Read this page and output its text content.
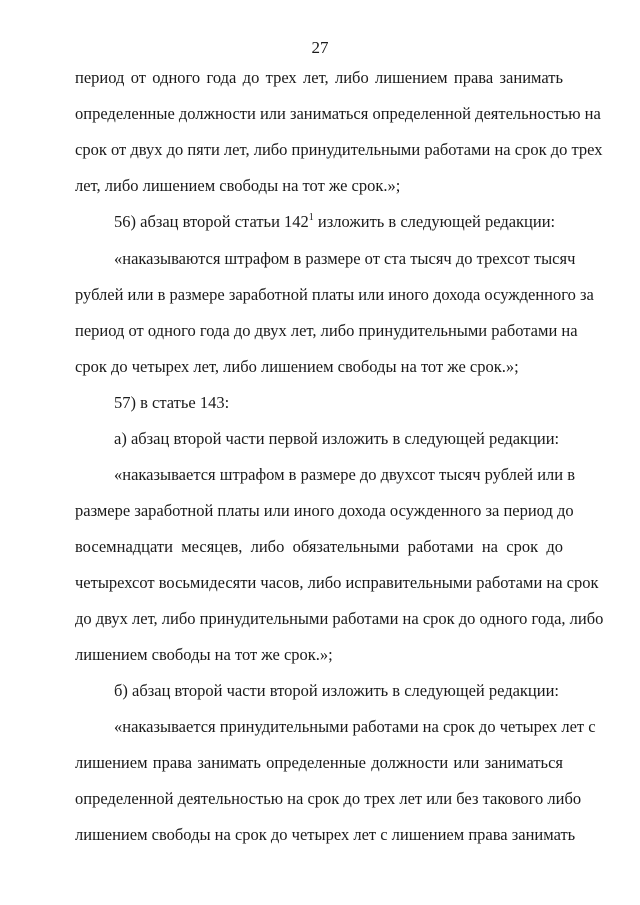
27
период от одного года до трех лет, либо лишением права занимать
определенные должности или заниматься определенной деятельностью на
срок от двух до пяти лет, либо принудительными работами на срок до трех
лет, либо лишением свободы на тот же срок.»;
56) абзац второй статьи $142^1$ изложить в следующей редакции:
«наказываются штрафом в размере от ста тысяч до трехсот тысяч
рублей или в размере заработной платы или иного дохода осужденного за
период от одного года до двух лет, либо принудительными работами на
срок до четырех лет, либо лишением свободы на тот же срок.»;
57) в статье 143:
а) абзац второй части первой изложить в следующей редакции:
«наказывается штрафом в размере до двухсот тысяч рублей или в
размере заработной платы или иного дохода осужденного за период до
восемнадцати месяцев, либо обязательными работами на срок до
четырехсот восьмидесяти часов, либо исправительными работами на срок
до двух лет, либо принудительными работами на срок до одного года, либо
лишением свободы на тот же срок.»;
б) абзац второй части второй изложить в следующей редакции:
«наказывается принудительными работами на срок до четырех лет с
лишением права занимать определенные должности или заниматься
определенной деятельностью на срок до трех лет или без такового либо
лишением свободы на срок до четырех лет с лишением права занимать
